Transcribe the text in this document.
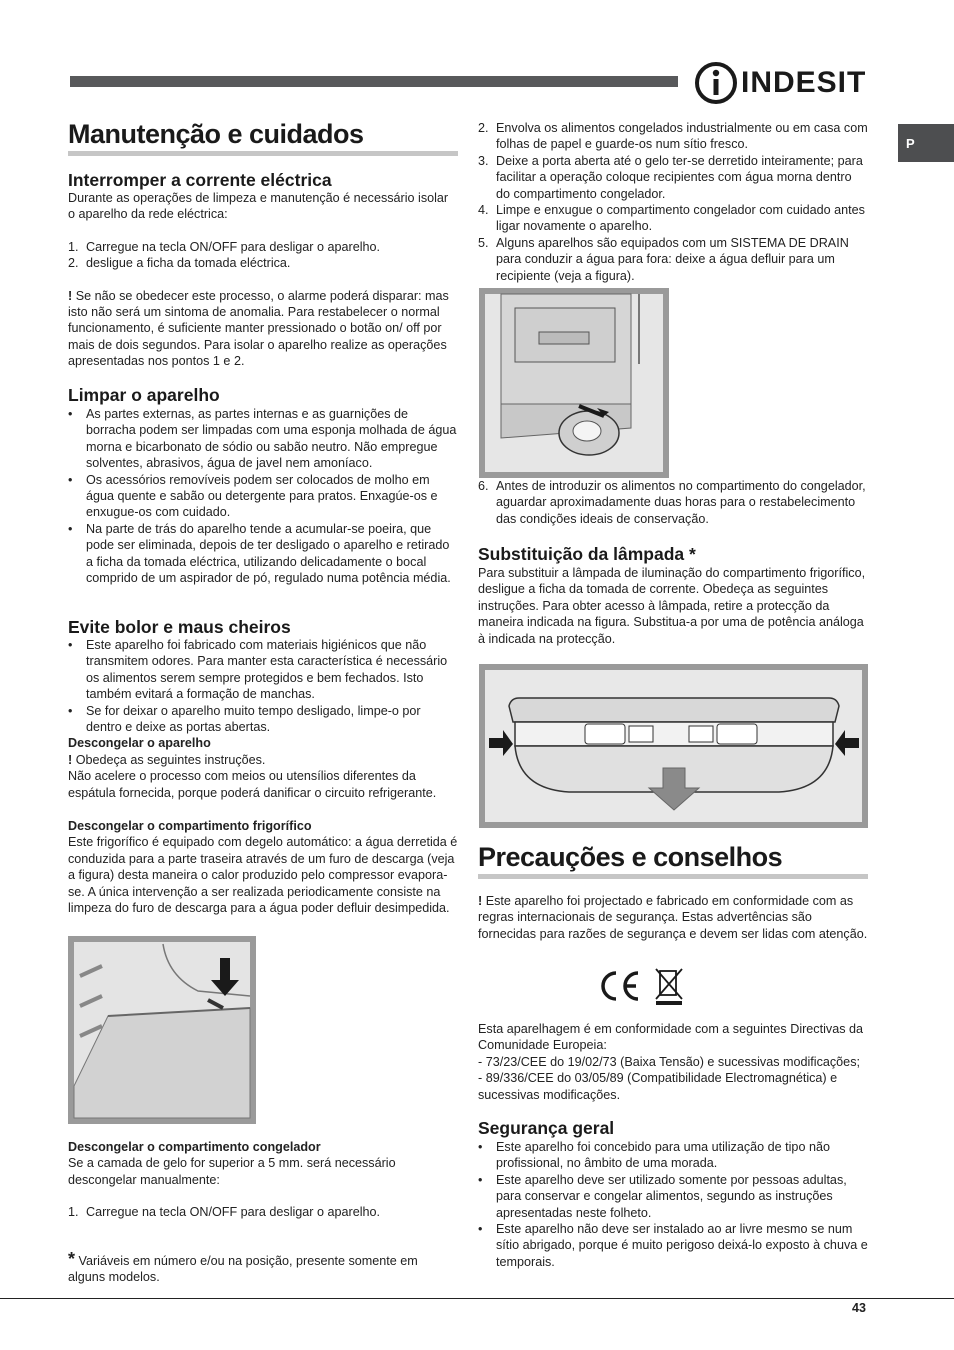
INDESIT
P
Manutenção e cuidados
Interromper a corrente eléctrica

Durante as operações de limpeza e manutenção é necessário isolar o aparelho da rede eléctrica:

1. Carregue na tecla ON/OFF para desligar o aparelho.
2. desligue a ficha da tomada eléctrica.

! Se não se obedecer este processo, o alarme poderá disparar: mas isto não será um sintoma de anomalia. Para restabelecer o normal funcionamento, é suficiente manter pressionado o botão on/ off por mais de dois segundos. Para isolar o aparelho realize as operações apresentadas nos pontos 1 e 2.

Limpar o aparelho
• As partes externas, as partes internas e as guarnições de borracha podem ser limpadas com uma esponja molhada de água morna e bicarbonato de sódio ou sabão neutro. Não empregue solventes, abrasivos, água de javel nem amoníaco.
• Os acessórios removíveis podem ser colocados de molho em água quente e sabão ou detergente para pratos. Enxagúe-os e enxugue-os com cuidado.
• Na parte de trás do aparelho tende a acumular-se poeira, que pode ser eliminada, depois de ter desligado o aparelho e retirado a ficha da tomada eléctrica, utilizando delicadamente o bocal comprido de um aspirador de pó, regulado numa potência média.
Evite bolor e maus cheiros
• Este aparelho foi fabricado com materiais higiénicos que não transmitem odores. Para manter esta característica é necessário os alimentos serem sempre protegidos e bem fechados. Isto também evitará a formação de manchas.
• Se for deixar o aparelho muito tempo desligado, limpe-o por dentro e deixe as portas abertas.

Descongelar o aparelho

! Obedeça as seguintes instruções.

Não acelere o processo com meios ou utensílios diferentes da espátula fornecida, porque poderá danificar o circuito refrigerante.

Descongelar o compartimento frigorífico

Este frigorífico é equipado com degelo automático: a água derretida é conduzida para a parte traseira através de um furo de descarga (veja a figura) desta maneira o calor produzido pelo compressor evapora-se. A única intervenção a ser realizada periodicamente consiste na limpeza do furo de descarga para a água poder defluir desimpedida.

Descongelar o compartimento congelador

Se a camada de gelo for superior a 5 mm. será necessário descongelar manualmente:

1. Carregue na tecla ON/OFF para desligar o aparelho.
* Variáveis em número e/ou na posição, presente somente em alguns modelos.
2. Envolva os alimentos congelados industrialmente ou em casa com folhas de papel e guarde-os num sítio fresco.
3. Deixe a porta aberta até o gelo ter-se derretido inteiramente; para facilitar a operação coloque recipientes com água morna dentro do compartimento congelador.
4. Limpe e enxugue o compartimento congelador com cuidado antes ligar novamente o aparelho.
5. Alguns aparelhos são equipados com um SISTEMA DE DRAIN para conduzir a água para fora: deixe a água defluir para um recipiente (veja a figura).
6. Antes de introduzir os alimentos no compartimento do congelador, aguardar aproximadamente duas horas para o restabelecimento das condições ideais de conservação.
Substituição da lâmpada *
Para substituir a lâmpada de iluminação do compartimento frigorífico, desligue a ficha da tomada de corrente. Obedeça as seguintes instruções. Para obter acesso à lâmpada, retire a protecção da maneira indicada na figura. Substitua-a por uma de potência análoga à indicada na protecção.
Precauções e conselhos
! Este aparelho foi projectado e fabricado em conformidade com as regras internacionais de segurança. Estas advertências são fornecidas para razões de segurança e devem ser lidas com atenção.

Esta aparelhagem é em conformidade com a seguintes Directivas da Comunidade Europeia:

- 73/23/CEE do 19/02/73 (Baixa Tensão) e sucessivas modificações;

- 89/336/CEE do 03/05/89 (Compatibilidade Electromagnética) e sucessivas modificações.

Segurança geral
• Este aparelho foi concebido para uma utilização de tipo não profissional, no âmbito de uma morada.
• Este aparelho deve ser utilizado somente por pessoas adultas, para conservar e congelar alimentos, segundo as instruções apresentadas neste folheto.
• Este aparelho não deve ser instalado ao ar livre mesmo se num sítio abrigado, porque é muito perigoso deixá-lo exposto à chuva e temporais.
43
